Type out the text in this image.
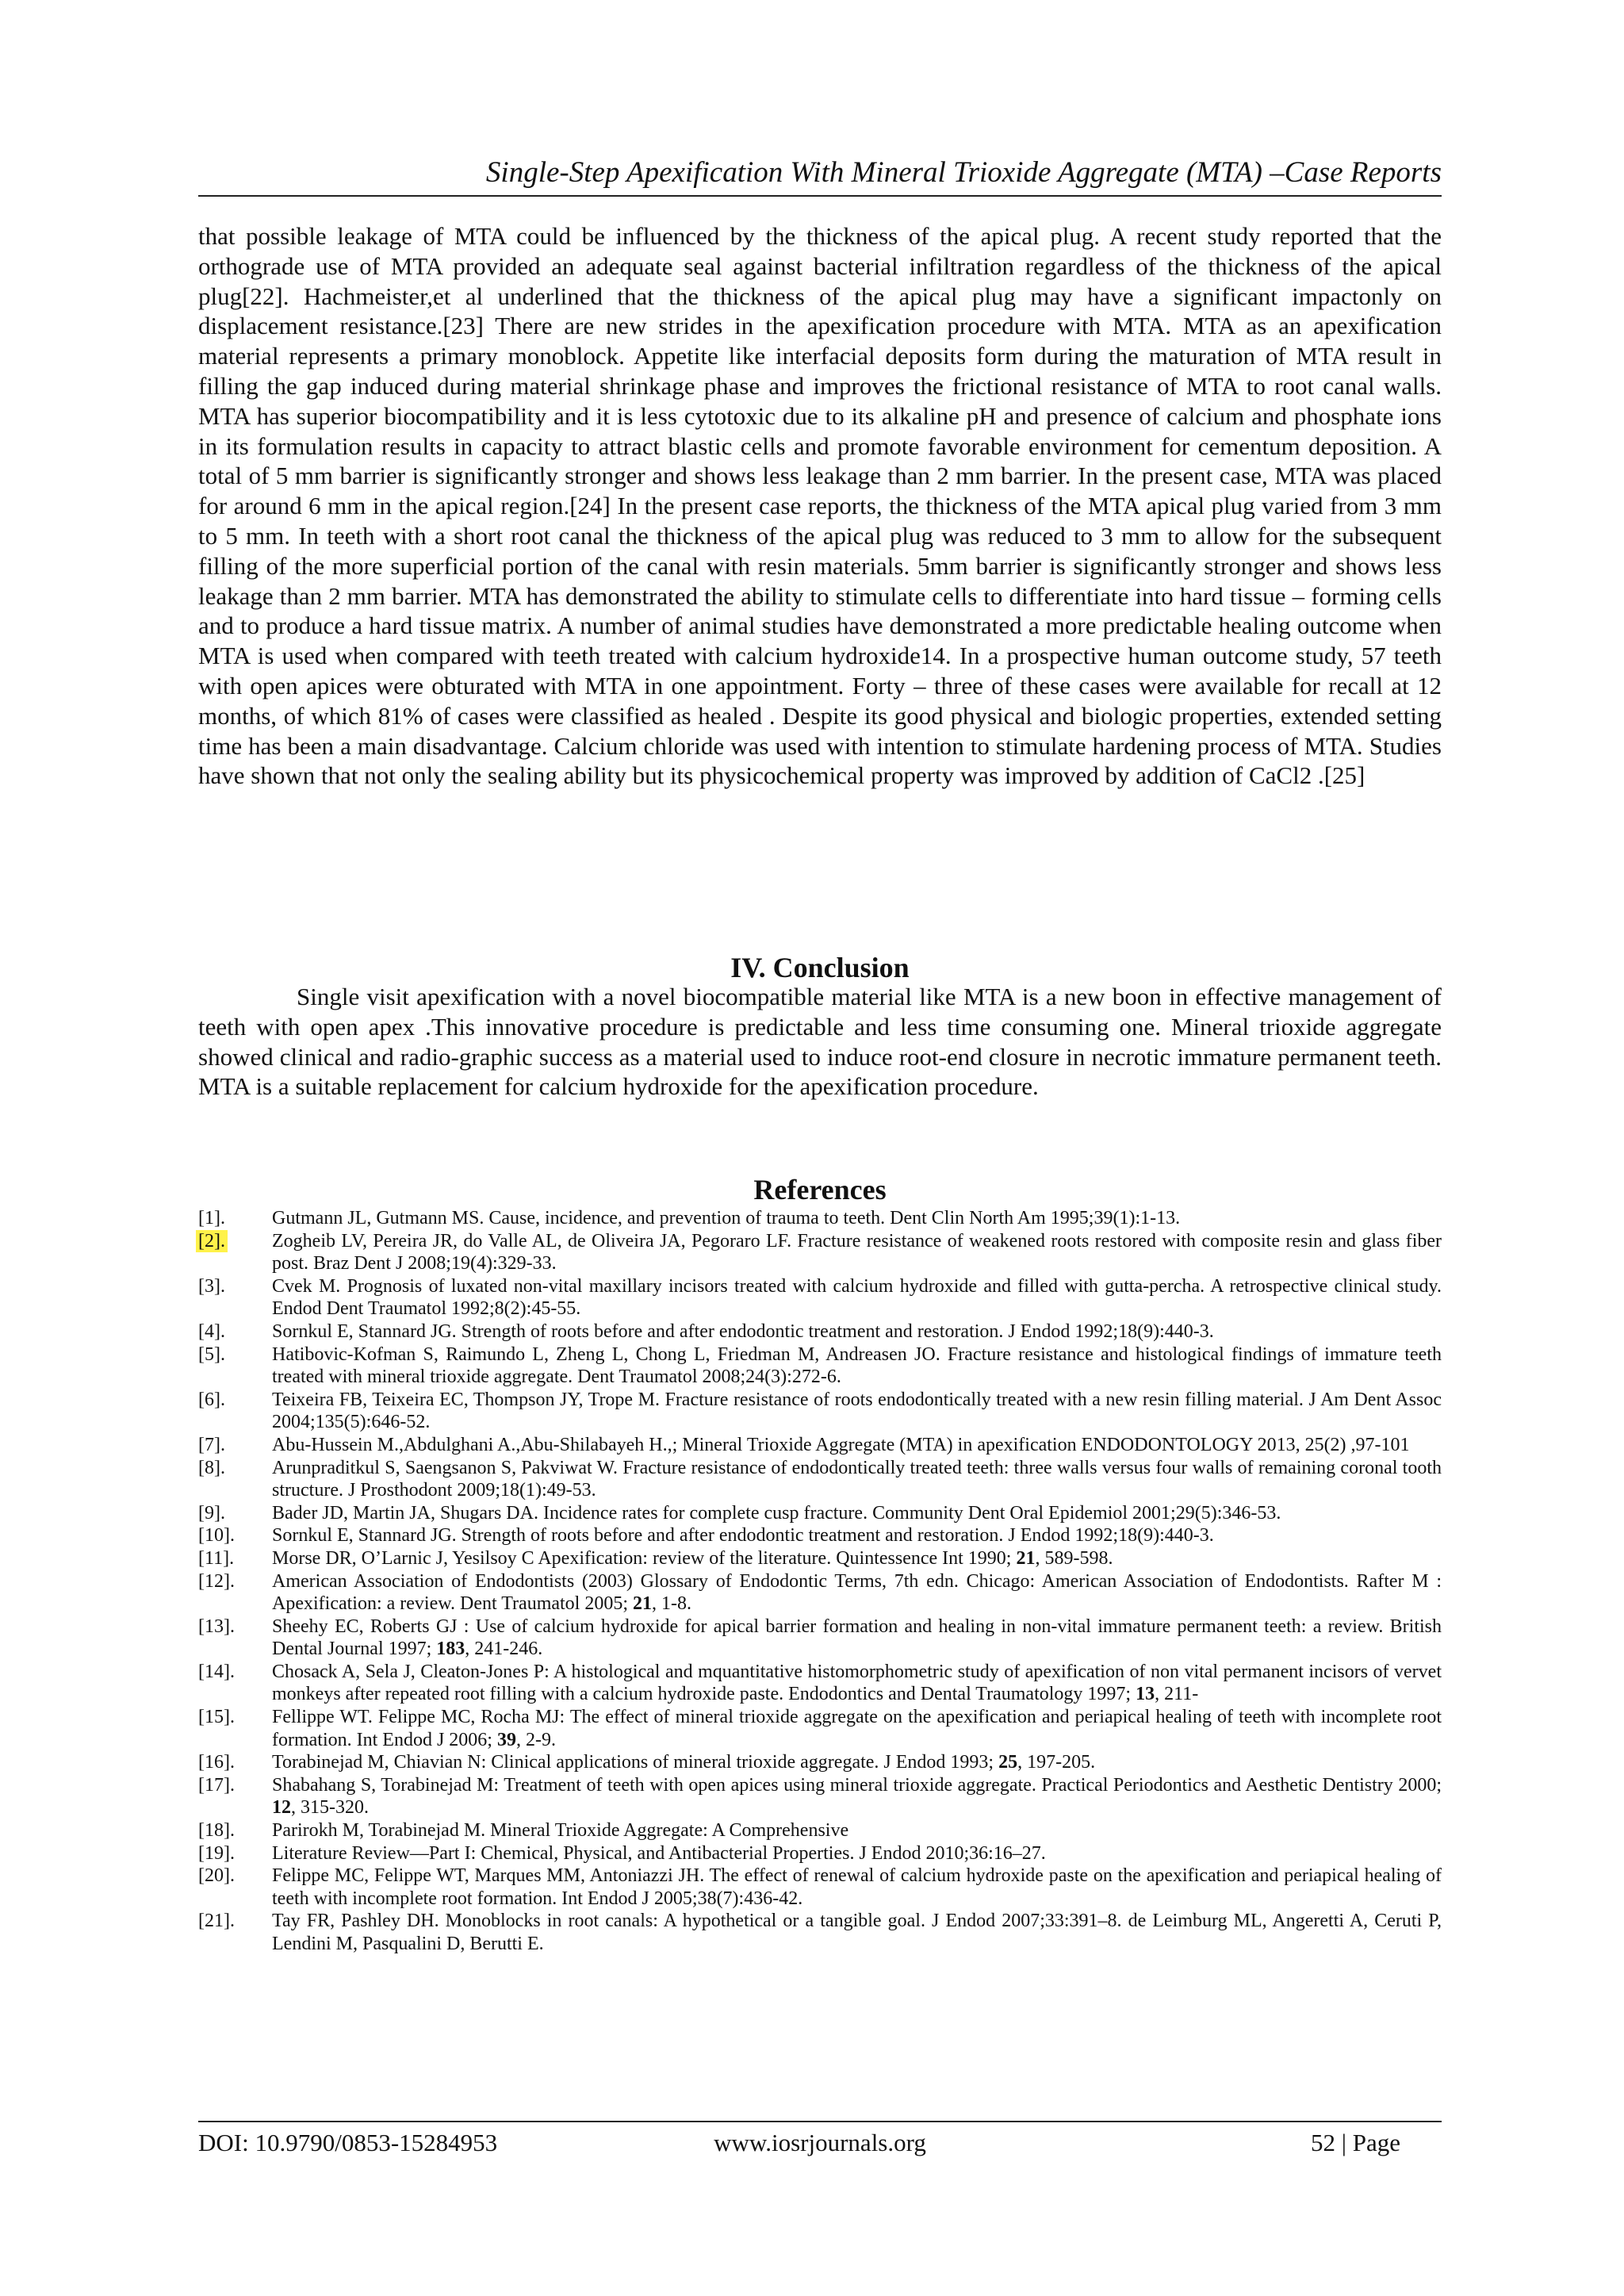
Single-Step Apexification With Mineral Trioxide Aggregate (MTA) –Case Reports

that possible leakage of MTA could be influenced by the thickness of the apical plug. A recent study reported that the orthograde use of MTA provided an adequate seal against bacterial infiltration regardless of the thickness of the apical plug[22]. Hachmeister,et al underlined that the thickness of the apical plug may have a significant impactonly on displacement resistance.[23] There are new strides in the apexification procedure with MTA. MTA as an apexification material represents a primary monoblock. Appetite like interfacial deposits form during the maturation of MTA result in filling the gap induced during material shrinkage phase and improves the frictional resistance of MTA to root canal walls. MTA has superior biocompatibility and it is less cytotoxic due to its alkaline pH and presence of calcium and phosphate ions in its formulation results in capacity to attract blastic cells and promote favorable environment for cementum deposition. A total of 5 mm barrier is significantly stronger and shows less leakage than 2 mm barrier. In the present case, MTA was placed for around 6 mm in the apical region.[24] In the present case reports, the thickness of the MTA apical plug varied from 3 mm to 5 mm. In teeth with a short root canal the thickness of the apical plug was reduced to 3 mm to allow for the subsequent filling of the more superficial portion of the canal with resin materials. 5mm barrier is significantly stronger and shows less leakage than 2 mm barrier. MTA has demonstrated the ability to stimulate cells to differentiate into hard tissue – forming cells and to produce a hard tissue matrix. A number of animal studies have demonstrated a more predictable healing outcome when MTA is used when compared with teeth treated with calcium hydroxide14. In a prospective human outcome study, 57 teeth with open apices were obturated with MTA in one appointment. Forty – three of these cases were available for recall at 12 months, of which 81% of cases were classified as healed . Despite its good physical and biologic properties, extended setting time has been a main disadvantage. Calcium chloride was used with intention to stimulate hardening process of MTA. Studies have shown that not only the sealing ability but its physicochemical property was improved by addition of CaCl2 .[25]

IV. Conclusion

Single visit apexification with a novel biocompatible material like MTA is a new boon in effective management of teeth with open apex .This innovative procedure is predictable and less time consuming one. Mineral trioxide aggregate showed clinical and radio-graphic success as a material used to induce root-end closure in necrotic immature permanent teeth. MTA is a suitable replacement for calcium hydroxide for the apexification procedure.

References
[1]. Gutmann JL, Gutmann MS. Cause, incidence, and prevention of trauma to teeth. Dent Clin North Am 1995;39(1):1-13.
[2]. Zogheib LV, Pereira JR, do Valle AL, de Oliveira JA, Pegoraro LF. Fracture resistance of weakened roots restored with composite resin and glass fiber post. Braz Dent J 2008;19(4):329-33.
[3]. Cvek M. Prognosis of luxated non-vital maxillary incisors treated with calcium hydroxide and filled with gutta-percha. A retrospective clinical study. Endod Dent Traumatol 1992;8(2):45-55.
[4]. Sornkul E, Stannard JG. Strength of roots before and after endodontic treatment and restoration. J Endod 1992;18(9):440-3.
[5]. Hatibovic-Kofman S, Raimundo L, Zheng L, Chong L, Friedman M, Andreasen JO. Fracture resistance and histological findings of immature teeth treated with mineral trioxide aggregate. Dent Traumatol 2008;24(3):272-6.
[6]. Teixeira FB, Teixeira EC, Thompson JY, Trope M. Fracture resistance of roots endodontically treated with a new resin filling material. J Am Dent Assoc 2004;135(5):646-52.
[7]. Abu-Hussein M.,Abdulghani A.,Abu-Shilabayeh H.,; Mineral Trioxide Aggregate (MTA) in apexification ENDODONTOLOGY 2013, 25(2) ,97-101
[8]. Arunpraditkul S, Saengsanon S, Pakviwat W. Fracture resistance of endodontically treated teeth: three walls versus four walls of remaining coronal tooth structure. J Prosthodont 2009;18(1):49-53.
[9]. Bader JD, Martin JA, Shugars DA. Incidence rates for complete cusp fracture. Community Dent Oral Epidemiol 2001;29(5):346-53.
[10]. Sornkul E, Stannard JG. Strength of roots before and after endodontic treatment and restoration. J Endod 1992;18(9):440-3.
[11]. Morse DR, O’Larnic J, Yesilsoy C Apexification: review of the literature. Quintessence Int 1990; 21, 589-598.
[12]. American Association of Endodontists (2003) Glossary of Endodontic Terms, 7th edn. Chicago: American Association of Endodontists. Rafter M : Apexification: a review. Dent Traumatol 2005; 21, 1-8.
[13]. Sheehy EC, Roberts GJ : Use of calcium hydroxide for apical barrier formation and healing in non-vital immature permanent teeth: a review. British Dental Journal 1997; 183, 241-246.
[14]. Chosack A, Sela J, Cleaton-Jones P: A histological and mquantitative histomorphometric study of apexification of non vital permanent incisors of vervet monkeys after repeated root filling with a calcium hydroxide paste. Endodontics and Dental Traumatology 1997; 13, 211-
[15]. Fellippe WT. Felippe MC, Rocha MJ: The effect of mineral trioxide aggregate on the apexification and periapical healing of teeth with incomplete root formation. Int Endod J 2006; 39, 2-9.
[16]. Torabinejad M, Chiavian N: Clinical applications of mineral trioxide aggregate. J Endod 1993; 25, 197-205.
[17]. Shabahang S, Torabinejad M: Treatment of teeth with open apices using mineral trioxide aggregate. Practical Periodontics and Aesthetic Dentistry 2000; 12, 315-320.
[18]. Parirokh M, Torabinejad M. Mineral Trioxide Aggregate: A Comprehensive
[19]. Literature Review—Part I: Chemical, Physical, and Antibacterial Properties. J Endod 2010;36:16–27.
[20]. Felippe MC, Felippe WT, Marques MM, Antoniazzi JH. The effect of renewal of calcium hydroxide paste on the apexification and periapical healing of teeth with incomplete root formation. Int Endod J 2005;38(7):436-42.
[21]. Tay FR, Pashley DH. Monoblocks in root canals: A hypothetical or a tangible goal. J Endod 2007;33:391–8. de Leimburg ML, Angeretti A, Ceruti P, Lendini M, Pasqualini D, Berutti E.
DOI: 10.9790/0853-15284953	www.iosrjournals.org	52 | Page
